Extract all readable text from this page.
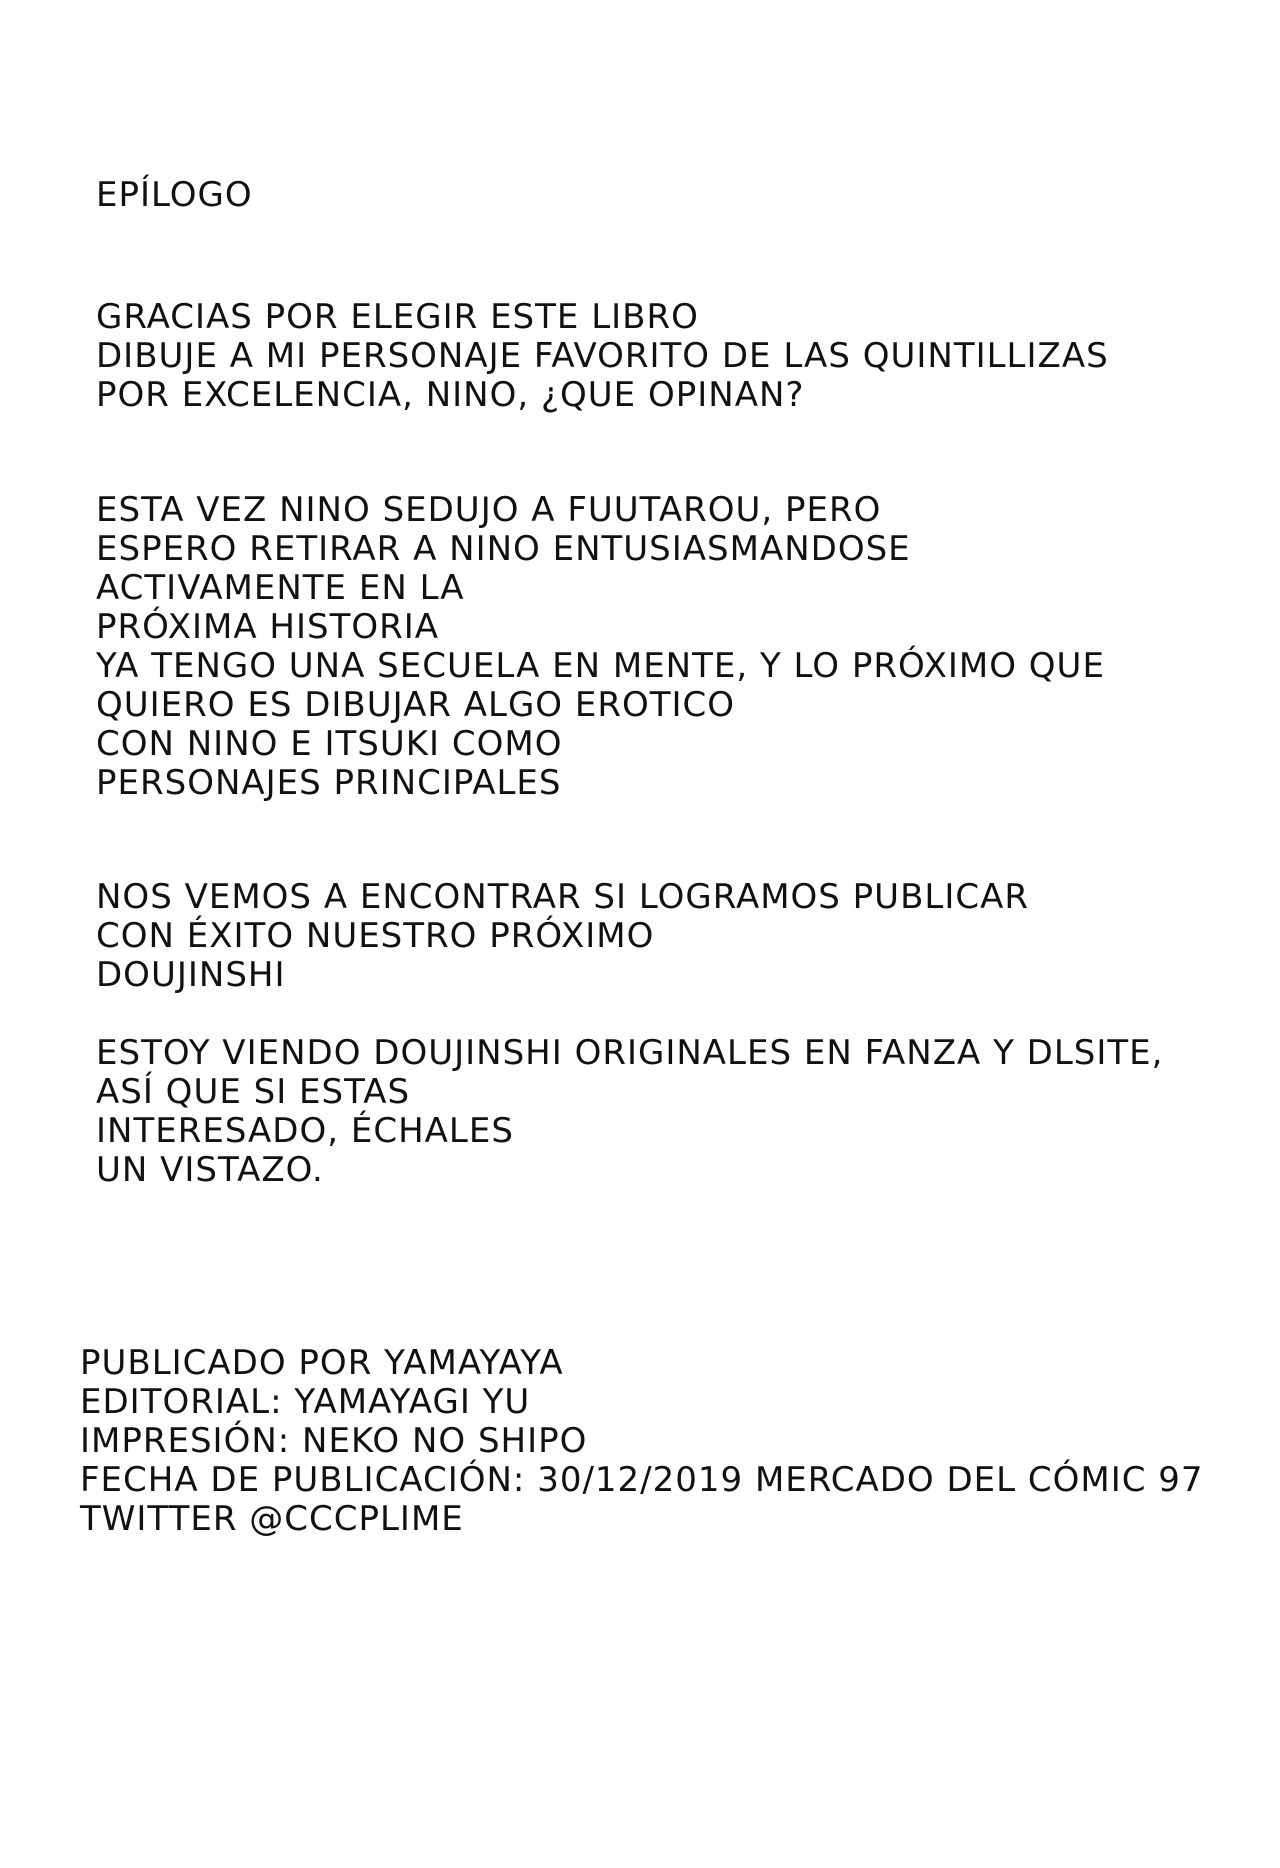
EPÍLOGO
GRACIAS POR ELEGIR ESTE LIBRO
DIBUJE A MI PERSONAJE FAVORITO DE LAS QUINTILLIZAS
POR EXCELENCIA, NINO, ¿QUE OPINAN?
ESTA VEZ NINO SEDUJO A FUUTAROU, PERO
ESPERO RETIRAR A NINO ENTUSIASMANDOSE
ACTIVAMENTE EN LA
PRÓXIMA HISTORIA
YA TENGO UNA SECUELA EN MENTE, Y LO PRÓXIMO QUE
QUIERO ES DIBUJAR ALGO EROTICO
CON NINO E ITSUKI COMO
PERSONAJES PRINCIPALES
NOS VEMOS A ENCONTRAR SI LOGRAMOS PUBLICAR
CON ÉXITO NUESTRO PRÓXIMO
DOUJINSHI
ESTOY VIENDO DOUJINSHI ORIGINALES EN FANZA Y DLSITE,
ASÍ QUE SI ESTAS
INTERESADO, ÉCHALES
UN VISTAZO.
PUBLICADO POR YAMAYAYA
EDITORIAL: YAMAYAGI YU
IMPRESIÓN: NEKO NO SHIPO
FECHA DE PUBLICACIÓN: 30/12/2019 MERCADO DEL CÓMIC 97
TWITTER @CCCPLIME
